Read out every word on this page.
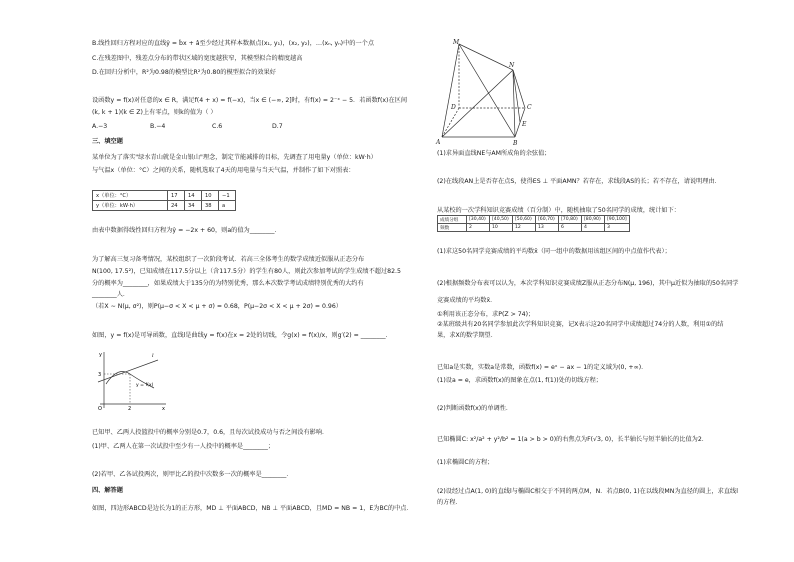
B.线性回归方程对应的直线ŷ = b̂x + â至少经过其样本数据点(x₁, y₁)，(x₂, y₂)，…(xₙ, yₙ)中的一个点
C.在残差图中，残差点分布的带状区域的宽度越狭窄，其模型拟合的精度越高
D.在回归分析中，R²为0.98的模型比R²为0.80的模型拟合的效果好
设函数y = f(x)对任意的x ∈ R，满足f(4 + x) = f(−x)，当x ∈ (−∞, 2]时，有f(x) = 2⁻ˣ − 5．若函数f(x)在区间
(k, k + 1)(k ∈ Z)上有零点，则k的值为（ ）
A.−3	B.−4	C.6	D.7
三、填空题
某单位为了落实"绿水青山就是金山银山"理念，制定节能减排的目标，先调查了用电量y（单位：kW·h）
与气温x（单位：°C）之间的关系，随机选取了4天的用电量与当天气温，并制作了如下对照表：
x（单位：°C）	17	14	10	−1
y（单位：kW·h）	24	34	38	a
由表中数据得线性回归方程为ŷ = −2x + 60，则a的值为________．
为了解高三复习备考情况，某校组织了一次阶段考试．若高三全体考生的数学成绩近似服从正态分布
N(100, 17.5²)，已知成绩在117.5分以上（含117.5分）的学生有80人，则此次参加考试的学生成绩不超过82.5
分的概率为________，如果成绩大于135分的为特别优秀，那么本次数学考试成绩特别优秀的大约有
________人．
（若X ∼ N(μ, σ²)，则P(μ−σ < X < μ + σ) = 0.68，P(μ−2σ < X < μ + 2σ) = 0.96）
如图，y = f(x)是可导函数，直线l是曲线y = f(x)在x = 2处的切线，令g(x) = f(x)/x，则g′(2) = ________．
y
x
O
3
2
l
y = f(x)
已知甲、乙两人投篮投中的概率分别是0.7，0.6，且每次试投成功与否之间没有影响．
(1)甲、乙两人在第一次试投中至少有一人投中的概率是________；
(2)若甲、乙各试投两次，则甲比乙的投中次数多一次的概率是________．
四、解答题
如图，四边形ABCD是边长为1的正方形，MD ⊥ 平面ABCD，NB ⊥ 平面ABCD，且MD = NB = 1，E为BC的中点．
M
N
D	C
E
A	B
(1)求异面直线NE与AM所成角的余弦值；
(2)在线段AN上是否存在点S，使得ES ⊥ 平面AMN？若存在，求线段AS的长；若不存在，请说明理由．
从某校的一次学科知识竞赛成绩（百分制）中，随机抽取了50名同学的成绩，统计如下：
成绩分组	[30,40)	[40,50)	[50,60)	[60,70)	[70,80)	[80,90)	[90,100]
频数	2	10	12	13	6	4	3
(1)求这50名同学竞赛成绩的平均数x̄（同一组中的数据用该组区间的中点值作代表）；
(2)根据频数分布表可以认为，本次学科知识竞赛成绩Z服从正态分布N(μ, 196)，其中μ近似为抽取的50名同学
竞赛成绩的平均数x̄．
①利用该正态分布，求P(Z > 74)；
②某班级共有20名同学参加此次学科知识竞赛，记X表示这20名同学中成绩超过74分的人数，利用①的结
果，求X的数学期望．
已知a是实数，实数a是常数，函数f(x) = eˣ − ax − 1的定义域为(0, +∞)．
(1)设a = e，求函数f(x)的图象在点(1, f(1))处的切线方程；
(2)判断函数f(x)的单调性．
已知椭圆C: x²/a² + y²/b² = 1(a > b > 0)的右焦点为F(√3, 0)，长半轴长与短半轴长的比值为2．
(1)求椭圆C的方程；
(2)设经过点A(1, 0)的直线l与椭圆C相交于不同的两点M，N．若点B(0, 1)在以线段MN为直径的圆上，求直线l
的方程．
